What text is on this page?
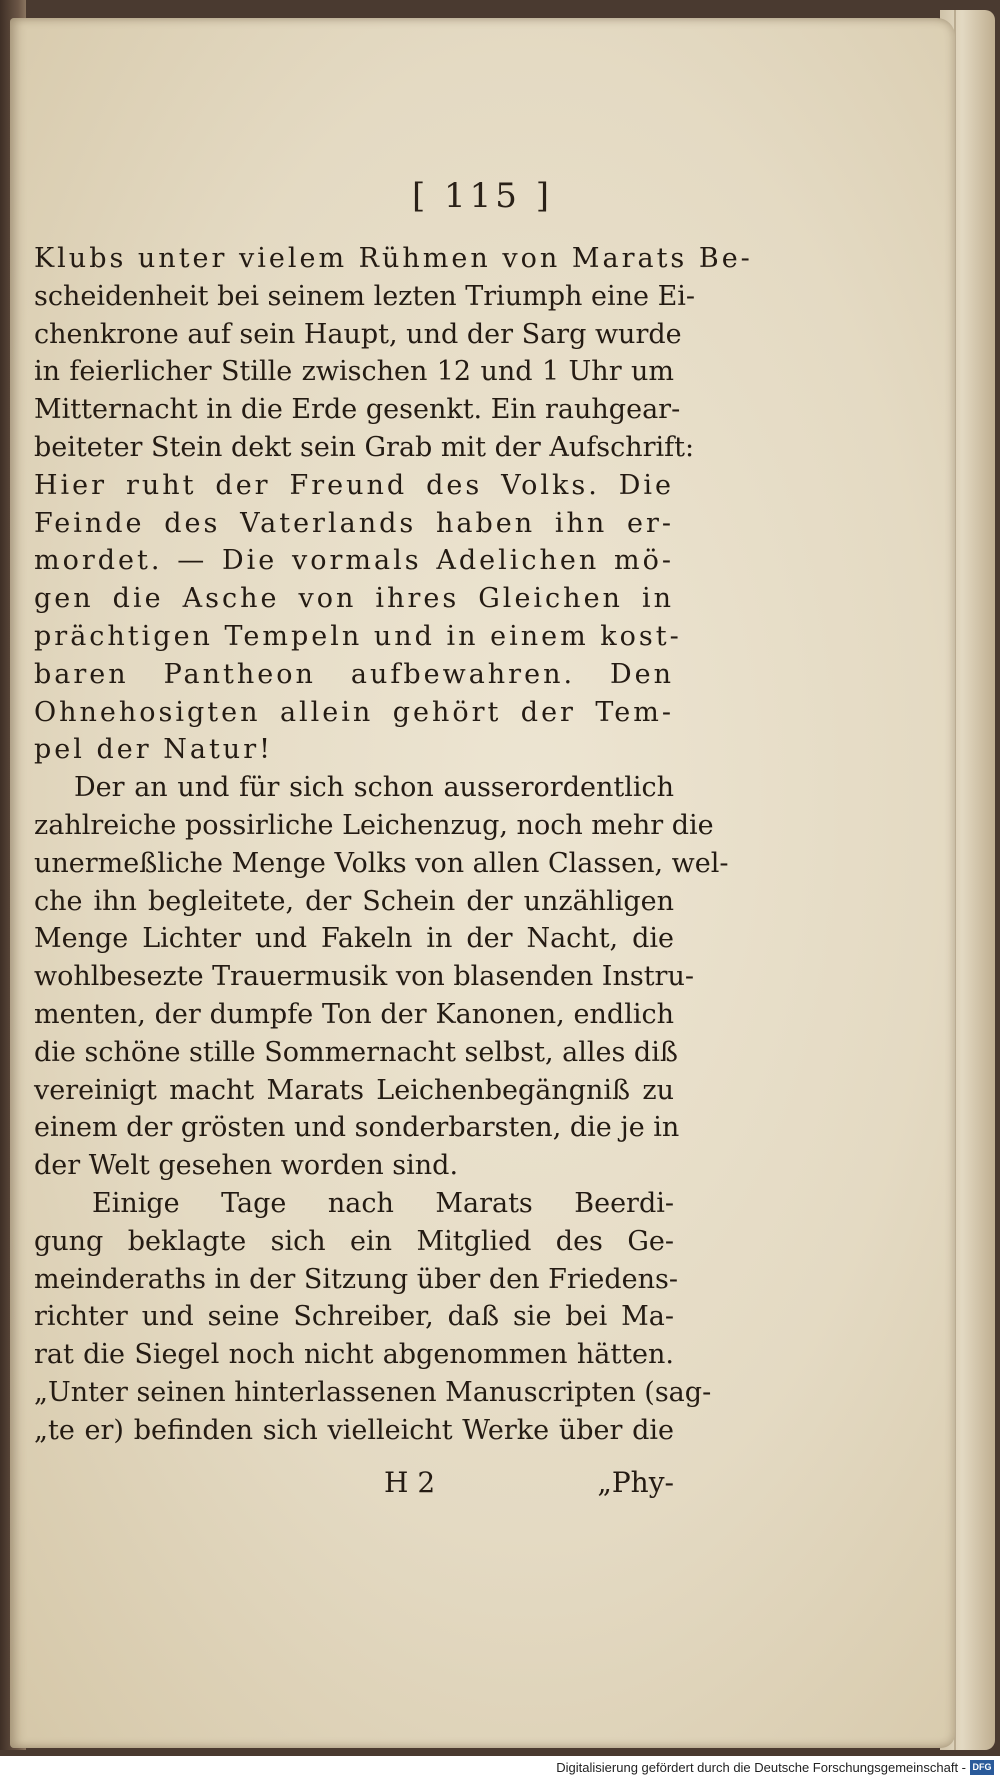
[ 115 ]
Klubs unter vielem Rühmen von Marats Be-
scheidenheit bei seinem lezten Triumph eine Ei-
chenkrone auf sein Haupt, und der Sarg wurde
in feierlicher Stille zwischen 12 und 1 Uhr um
Mitternacht in die Erde gesenkt. Ein rauhgear-
beiteter Stein dekt sein Grab mit der Aufschrift:
Hier ruht der Freund des Volks. Die
Feinde des Vaterlands haben ihn er-
mordet. — Die vormals Adelichen mö-
gen die Asche von ihres Gleichen in
prächtigen Tempeln und in einem kost-
baren Pantheon aufbewahren. Den
Ohnehosigten allein gehört der Tem-
pel der Natur!
Der an und für sich schon ausserordentlich
zahlreiche possirliche Leichenzug, noch mehr die
unermeßliche Menge Volks von allen Classen, wel-
che ihn begleitete, der Schein der unzähligen
Menge Lichter und Fakeln in der Nacht, die
wohlbesezte Trauermusik von blasenden Instru-
menten, der dumpfe Ton der Kanonen, endlich
die schöne stille Sommernacht selbst, alles diß
vereinigt macht Marats Leichenbegängniß zu
einem der grösten und sonderbarsten, die je in
der Welt gesehen worden sind.
Einige Tage nach Marats Beerdi-
gung beklagte sich ein Mitglied des Ge-
meinderaths in der Sitzung über den Friedens-
richter und seine Schreiber, daß sie bei Ma-
rat die Siegel noch nicht abgenommen hätten.
„Unter seinen hinterlassenen Manuscripten (sag-
„te er) befinden sich vielleicht Werke über die
H 2	„Phy-
Digitalisierung gefördert durch die Deutsche Forschungsgemeinschaft - DFG
